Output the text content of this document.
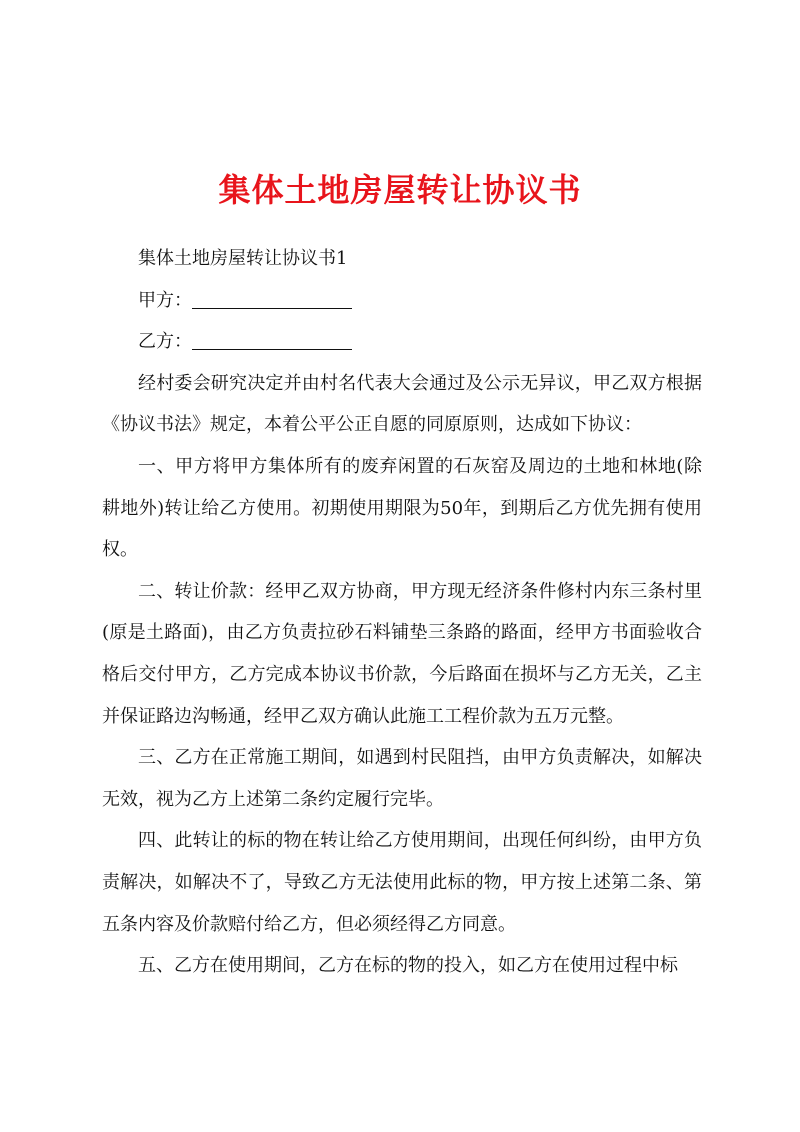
集体土地房屋转让协议书

集体土地房屋转让协议书1

甲方：

乙方：

经村委会研究决定并由村名代表大会通过及公示无异议，甲乙双方根据《协议书法》规定，本着公平公正自愿的同原原则，达成如下协议：

一、甲方将甲方集体所有的废弃闲置的石灰窑及周边的土地和林地(除耕地外)转让给乙方使用。初期使用期限为50年，到期后乙方优先拥有使用权。

二、转让价款：经甲乙双方协商，甲方现无经济条件修村内东三条村里(原是土路面)，由乙方负责拉砂石料铺垫三条路的路面，经甲方书面验收合格后交付甲方，乙方完成本协议书价款，今后路面在损坏与乙方无关，乙主并保证路边沟畅通，经甲乙双方确认此施工工程价款为五万元整。

三、乙方在正常施工期间，如遇到村民阻挡，由甲方负责解决，如解决无效，视为乙方上述第二条约定履行完毕。

四、此转让的标的物在转让给乙方使用期间，出现任何纠纷，由甲方负责解决，如解决不了，导致乙方无法使用此标的物，甲方按上述第二条、第五条内容及价款赔付给乙方，但必须经得乙方同意。

五、乙方在使用期间，乙方在标的物的投入，如乙方在使用过程中标
